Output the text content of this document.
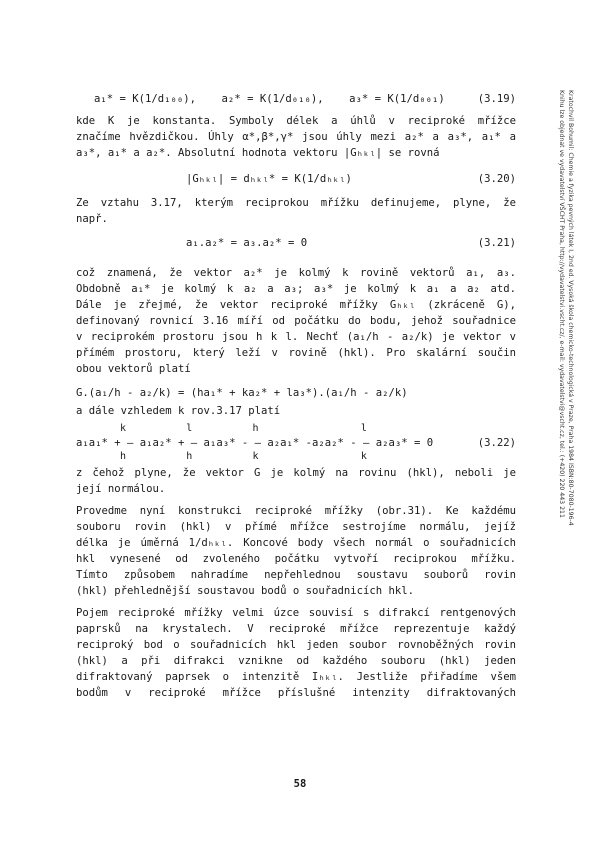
Kratochvil Bohumil: Chemie a fyzika pevných látek I, 2nd ed. Vysoká škola chemicko-technologická v Praze, Praha 1984 ISBN:80-7080-196-4
Knihu lze objednat ve vydavatelství VŠCHT Praha, http://vydavatelstvi.vscht.cz/, e-mail: vydavatelstvi@vscht.cz, tel.: (+420) 220 443 211
a₁* = K(1/d₁₀₀),    a₂* = K(1/d₀₁₀),    a₃* = K(1/d₀₀₁)	(3.19)
kde K je konstanta. Symboly délek a úhlů v reciproké mřížce
značíme hvězdičkou. Úhly α*,β*,γ* jsou úhly mezi a₂* a a₃*, a₁* a
a₃*, a₁* a a₂*. Absolutní hodnota vektoru |Gₕₖₗ| se rovná
|Gₕₖₗ| = dₕₖₗ* = K(1/dₕₖₗ)	(3.20)
Ze vztahu 3.17, kterým reciprokou mřížku definujeme, plyne, že
např.
a₁.a₂* = a₃.a₂* = 0	(3.21)
což znamená, že vektor a₂* je kolmý k rovině vektorů a₁, a₃.
Obdobně a₁* je kolmý k a₂ a a₃; a₃* je kolmý k a₁ a a₂ atd.
Dále je zřejmé, že vektor reciproké mřížky Gₕₖₗ (zkráceně G),
definovaný rovnicí 3.16 míří od počátku do bodu, jehož souřadnice
v reciprokém prostoru jsou h k l. Nechť (a₁/h - a₂/k) je vektor v
přímém prostoru, který leží v rovině (hkl). Pro skalární součin
obou vektorů platí
G.(a₁/h - a₂/k) = (ha₁* + ka₂* + la₃*).(a₁/h - a₂/k)
a dále vzhledem k rov.3.17 platí
k          l          h                 l
h          h          k                 k
a₁a₁* + — a₁a₂* + — a₁a₃* - — a₂a₁* -a₂a₂* - — a₂a₃* = 0	(3.22)
z čehož plyne, že vektor G je kolmý na rovinu (hkl), neboli je
její normálou.
Provedme nyní konstrukci reciproké mřížky (obr.31). Ke každému
souboru rovin (hkl) v přímé mřížce sestrojíme normálu, jejíž
délka je úměrná 1/dₕₖₗ. Koncové body všech normál o souřadnicích
hkl vynesené od zvoleného počátku vytvoří reciprokou mřížku.
Tímto způsobem nahradíme nepřehlednou soustavu souborů rovin
(hkl) přehlednější soustavou bodů o souřadnicích hkl.
Pojem reciproké mřížky velmi úzce souvisí s difrakcí rentgenových
paprsků na krystalech. V reciproké mřížce reprezentuje každý
reciproký bod o souřadnicích hkl jeden soubor rovnoběžných rovin
(hkl) a při difrakci vznikne od každého souboru (hkl) jeden
difraktovaný paprsek o intenzitě Iₕₖₗ. Jestliže přiřadíme všem
bodům v reciproké mřížce příslušné intenzity difraktovaných
58
